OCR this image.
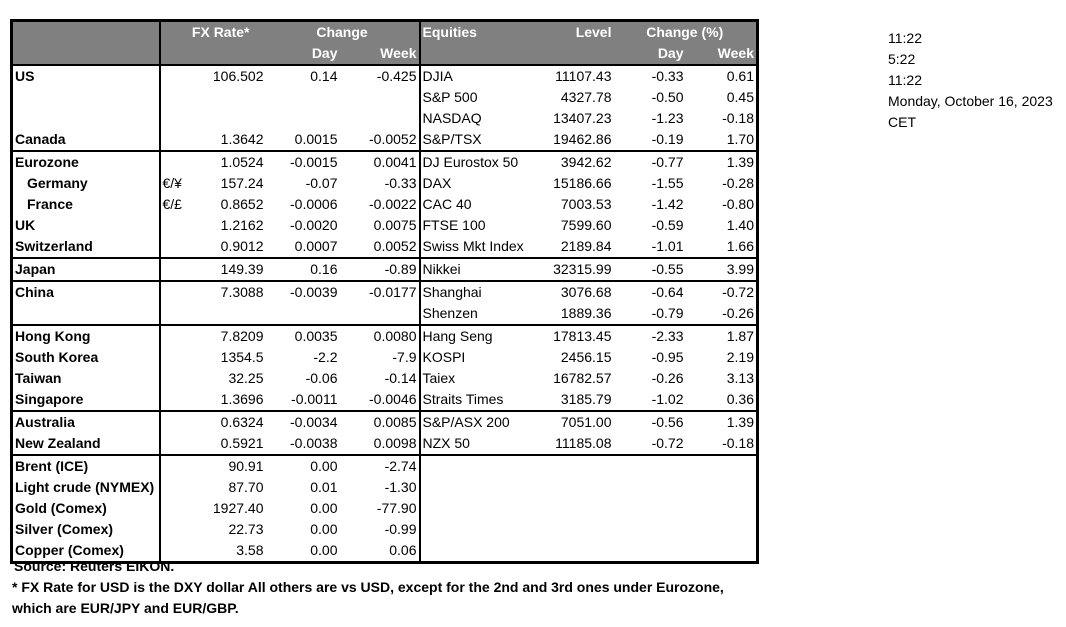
	FX Rate*		Change		Equities	Level	Change (%)	
			Day	Week			Day	Week
US		106.502	0.14	-0.425	DJIA	11107.43	-0.33	0.61
					S&P 500	4327.78	-0.50	0.45
					NASDAQ	13407.23	-1.23	-0.18
Canada		1.3642	0.0015	-0.0052	S&P/TSX	19462.86	-0.19	1.70
Eurozone		1.0524	-0.0015	0.0041	DJ Eurostox 50	3942.62	-0.77	1.39
Germany	€/¥	157.24	-0.07	-0.33	DAX	15186.66	-1.55	-0.28
France	€/£	0.8652	-0.0006	-0.0022	CAC 40	7003.53	-1.42	-0.80
UK		1.2162	-0.0020	0.0075	FTSE 100	7599.60	-0.59	1.40
Switzerland		0.9012	0.0007	0.0052	Swiss Mkt Index	2189.84	-1.01	1.66
Japan		149.39	0.16	-0.89	Nikkei	32315.99	-0.55	3.99
China		7.3088	-0.0039	-0.0177	Shanghai	3076.68	-0.64	-0.72
					Shenzen	1889.36	-0.79	-0.26
Hong Kong		7.8209	0.0035	0.0080	Hang Seng	17813.45	-2.33	1.87
South Korea		1354.5	-2.2	-7.9	KOSPI	2456.15	-0.95	2.19
Taiwan		32.25	-0.06	-0.14	Taiex	16782.57	-0.26	3.13
Singapore		1.3696	-0.0011	-0.0046	Straits Times	3185.79	-1.02	0.36
Australia		0.6324	-0.0034	0.0085	S&P/ASX 200	7051.00	-0.56	1.39
New Zealand		0.5921	-0.0038	0.0098	NZX 50	11185.08	-0.72	-0.18
Brent (ICE)		90.91	0.00	-2.74				
Light crude (NYMEX)		87.70	0.01	-1.30				
Gold (Comex)		1927.40	0.00	-77.90				
Silver (Comex)		22.73	0.00	-0.99				
Copper (Comex)		3.58	0.00	0.06				
11:22
5:22
11:22
Monday, October 16, 2023
CET
Source: Reuters EIKON.
* FX Rate for USD is the DXY dollar All others are vs USD, except for the 2nd and 3rd ones under Eurozone,
which are EUR/JPY and EUR/GBP.
